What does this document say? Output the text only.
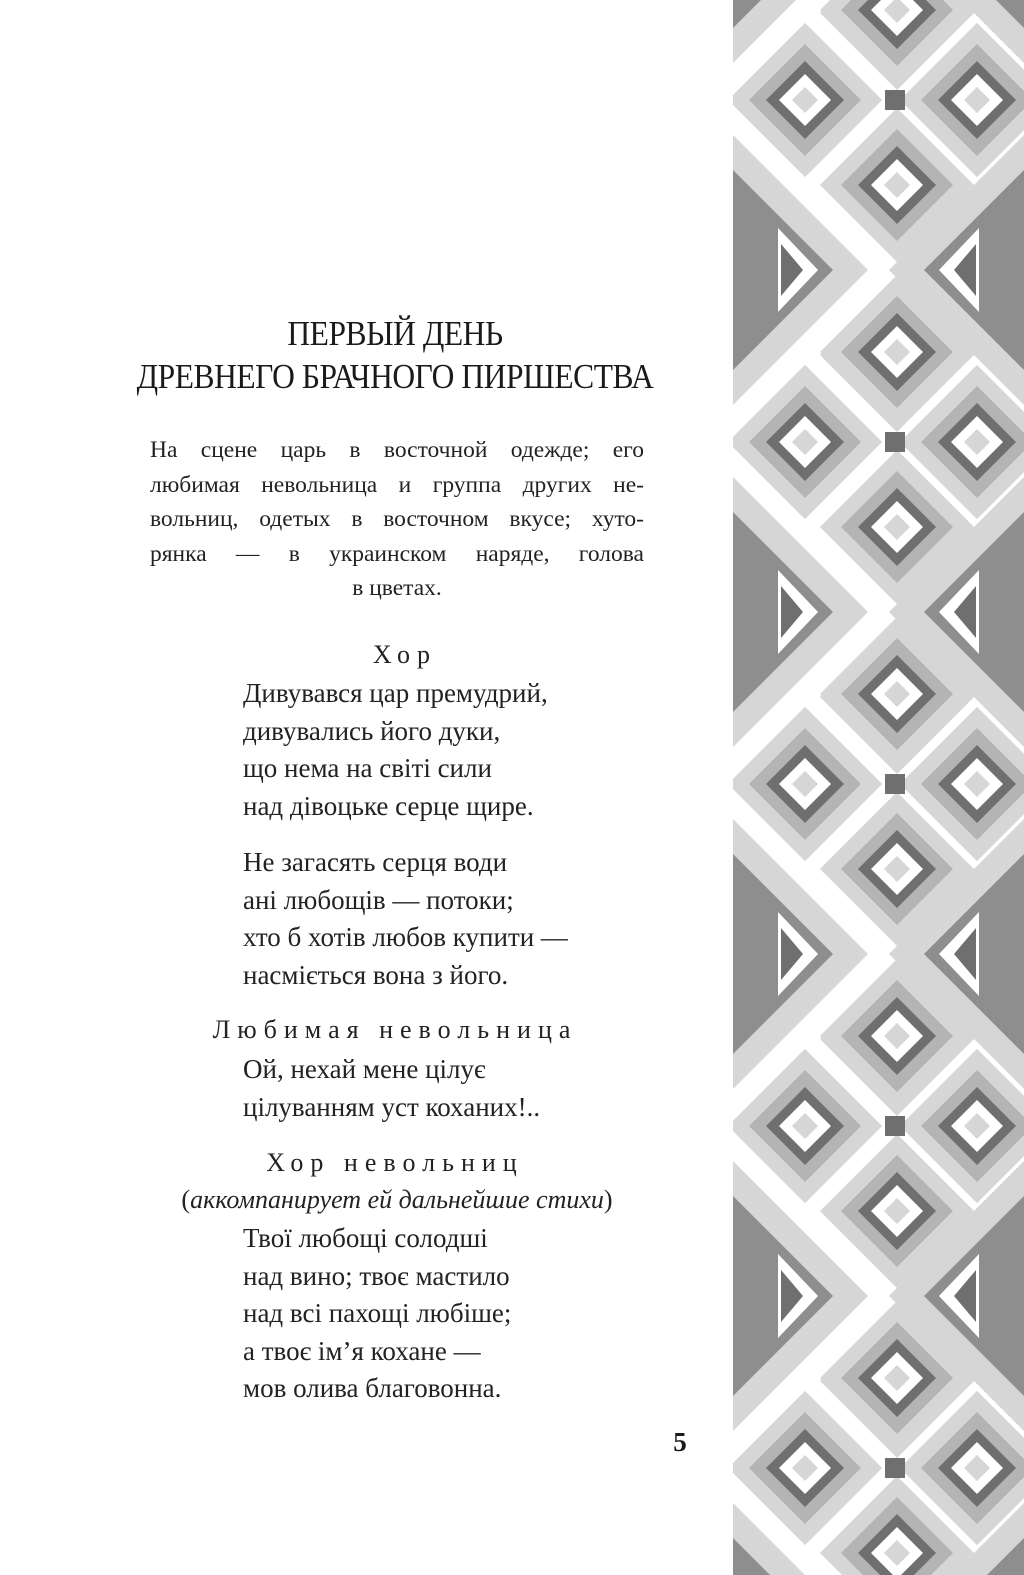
ПЕРВЫЙ ДЕНЬ
ДРЕВНЕГО БРАЧНОГО ПИРШЕСТВА
На сцене царь в восточной одежде; его
любимая невольница и группа других не-
вольниц, одетых в восточном вкусе; хуто-
рянка — в украинском наряде, голова
в цветах.
Хор
Дивувався цар премудрий,
дивувались його дуки,
що нема на світі сили
над дівоцьке серце щире.
Не загасять серця води
ані любощів — потоки;
хто б хотів любов купити —
насміється вона з його.
Любимая невольница
Ой, нехай мене цілує
цілуванням уст коханих!..
Хор невольниц
(аккомпанирует ей дальнейшие стихи)
Твої любощі солодші
над вино; твоє мастило
над всі пахощі любіше;
а твоє ім’я кохане —
мов олива благовонна.
5
